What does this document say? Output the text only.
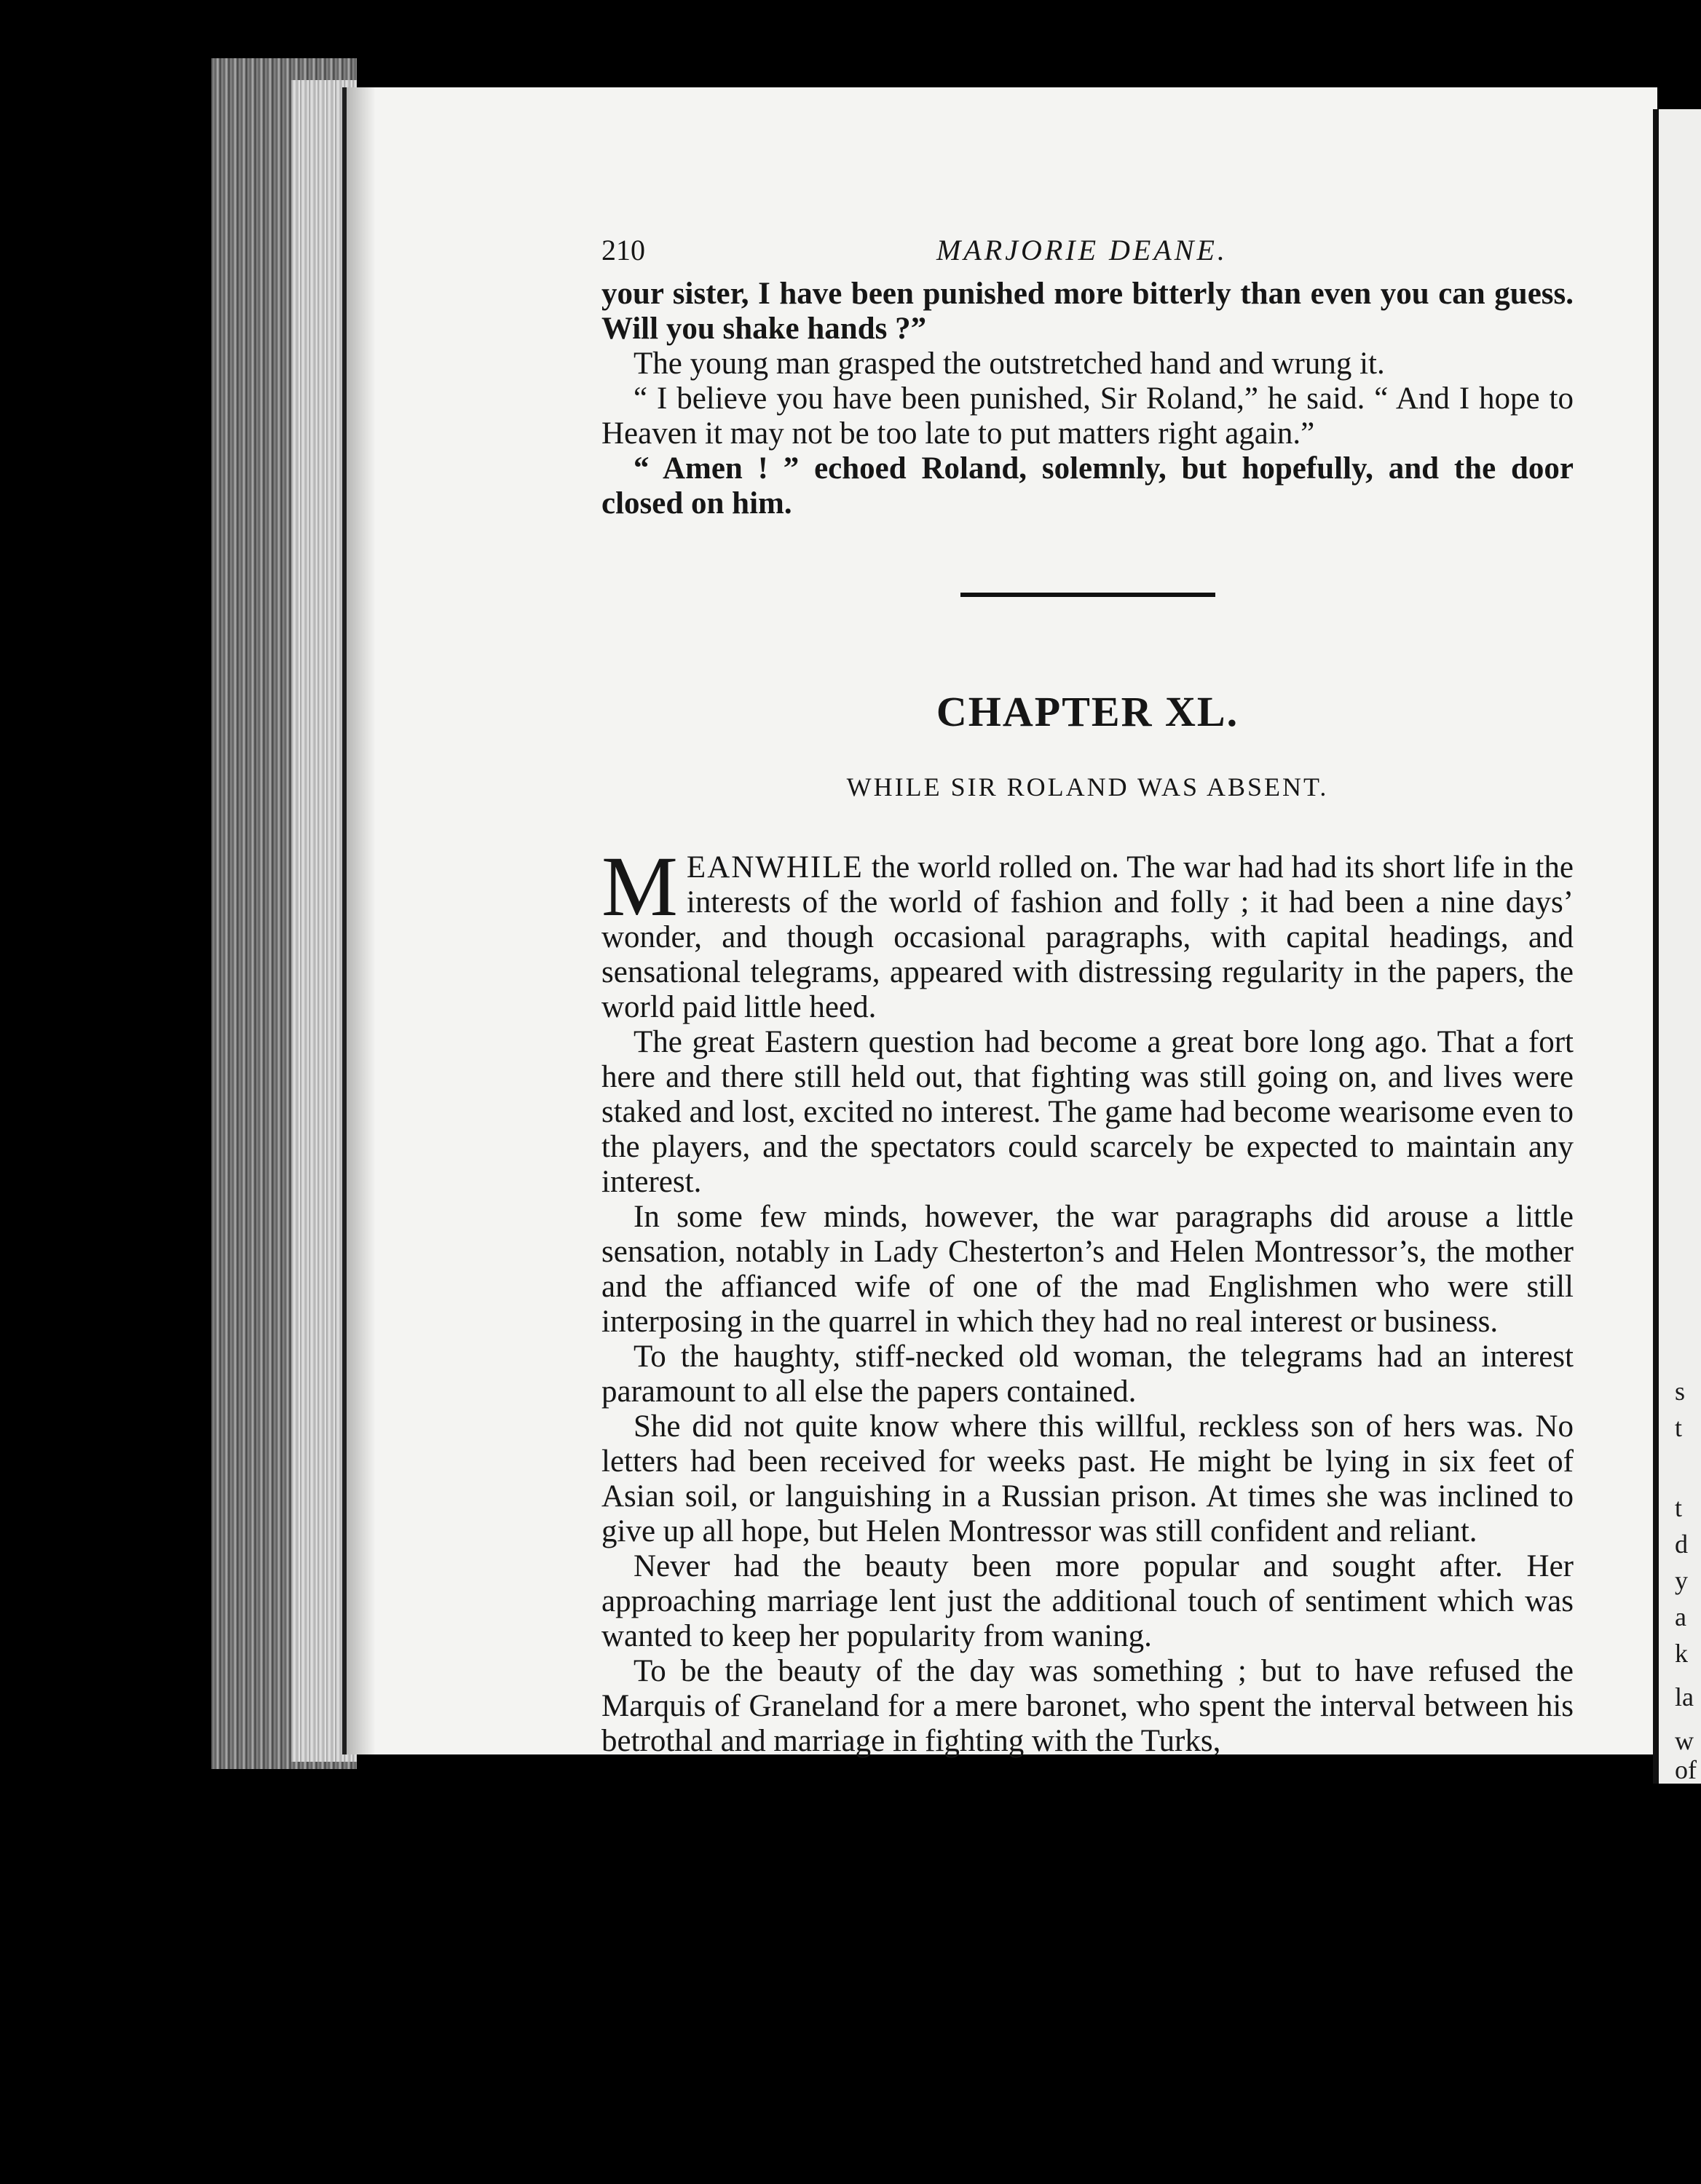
s
t
t
d
y
a
k
la
w
of
210	MARJORIE DEANE.

your sister, I have been punished more bitterly than even you can guess. Will you shake hands ?”

The young man grasped the outstretched hand and wrung it.

“ I believe you have been punished, Sir Roland,” he said. “ And I hope to Heaven it may not be too late to put matters right again.”

“ Amen ! ” echoed Roland, solemnly, but hopefully, and the door closed on him.

CHAPTER XL.
WHILE SIR ROLAND WAS ABSENT.

MEANWHILE the world rolled on. The war had had its short life in the interests of the world of fashion and folly ; it had been a nine days’ wonder, and though occasional paragraphs, with capital headings, and sensational telegrams, appeared with distressing regularity in the papers, the world paid little heed.

The great Eastern question had become a great bore long ago. That a fort here and there still held out, that fighting was still going on, and lives were staked and lost, excited no interest. The game had become wearisome even to the players, and the spectators could scarcely be expected to maintain any interest.

In some few minds, however, the war paragraphs did arouse a little sensation, notably in Lady Chesterton’s and Helen Montressor’s, the mother and the affianced wife of one of the mad Englishmen who were still interposing in the quarrel in which they had no real interest or business.

To the haughty, stiff-necked old woman, the telegrams had an interest paramount to all else the papers contained.

She did not quite know where this willful, reckless son of hers was. No letters had been received for weeks past. He might be lying in six feet of Asian soil, or languishing in a Russian prison. At times she was inclined to give up all hope, but Helen Montressor was still confident and reliant.

Never had the beauty been more popular and sought after. Her approaching marriage lent just the additional touch of sentiment which was wanted to keep her popularity from waning.

To be the beauty of the day was something ; but to have refused the Marquis of Graneland for a mere baronet, who spent the interval between his betrothal and marriage in fighting with the Turks,
